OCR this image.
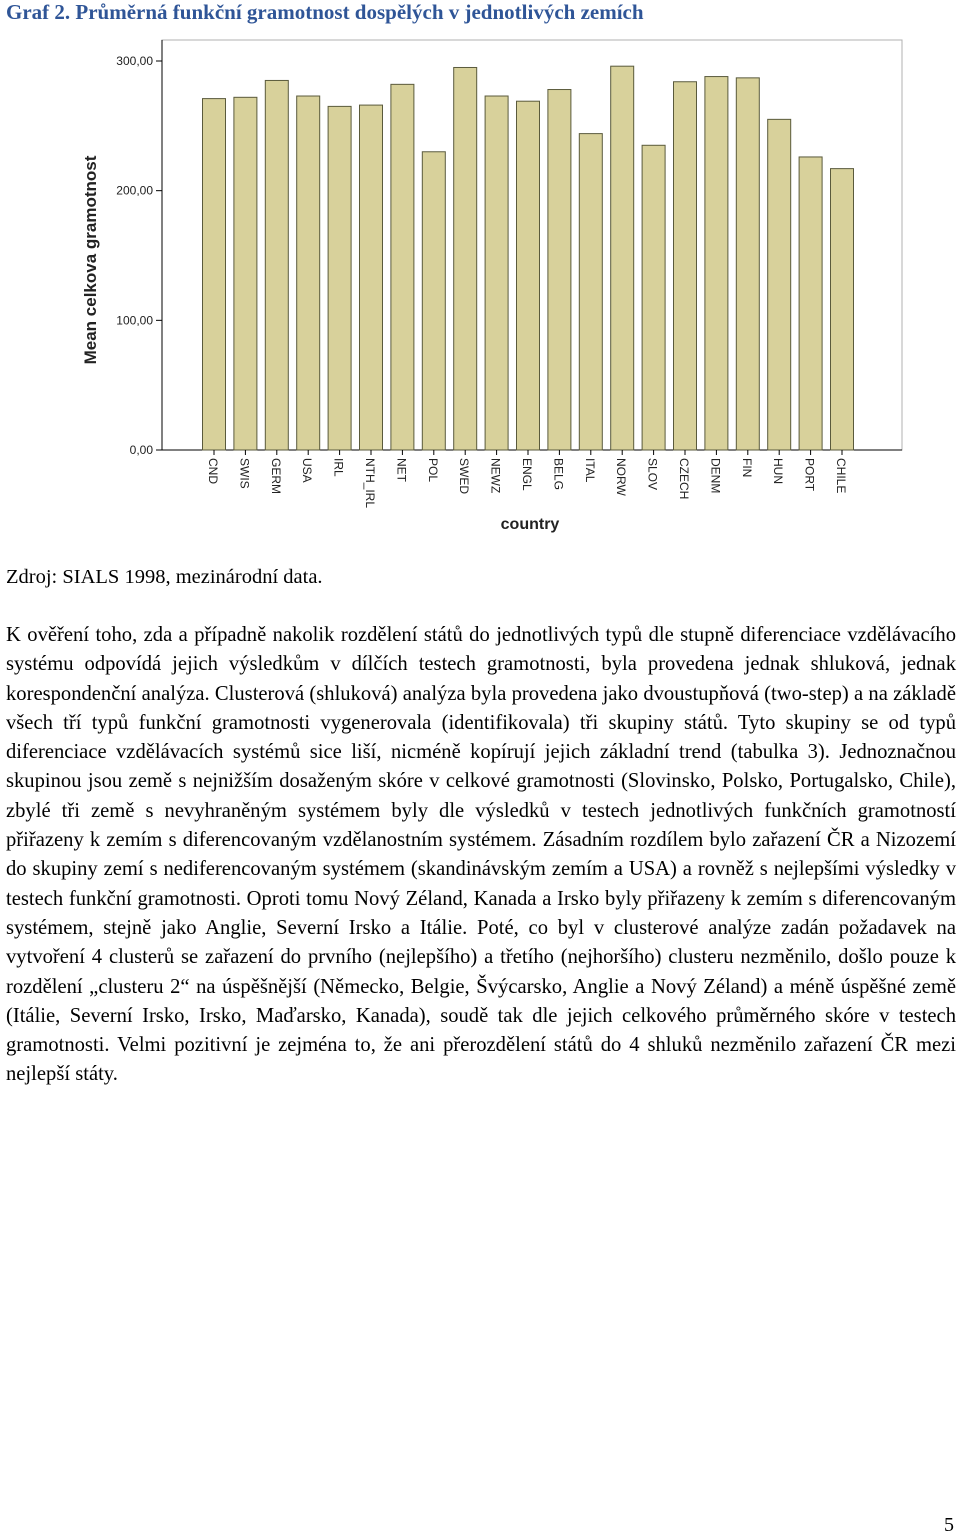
Graf 2. Průměrná funkční gramotnost dospělých v jednotlivých zemích
0,00
100,00
200,00
300,00
CND SWIS GERM USA IRL NTH_IRL NET POL SWED NEWZ ENGL BELG ITAL NORW SLOV CZECH DENM FIN HUN PORT CHILE
Mean celkova gramotnost
country
Zdroj: SIALS 1998, mezinárodní data.

K ověření toho, zda a případně nakolik rozdělení států do jednotlivých typů dle stupně diferenciace vzdělávacího systému odpovídá jejich výsledkům v dílčích testech gramotnosti, byla provedena jednak shluková, jednak korespondenční analýza. Clusterová (shluková) analýza byla provedena jako dvoustupňová (two-step) a na základě všech tří typů funkční gramotnosti vygenerovala (identifikovala) tři skupiny států. Tyto skupiny se od typů diferenciace vzdělávacích systémů sice liší, nicméně kopírují jejich základní trend (tabulka 3). Jednoznačnou skupinou jsou země s nejnižším dosaženým skóre v celkové gramotnosti (Slovinsko, Polsko, Portugalsko, Chile), zbylé tři země s nevyhraněným systémem byly dle výsledků v testech jednotlivých funkčních gramotností přiřazeny k zemím s diferencovaným vzdělanostním systémem. Zásadním rozdílem bylo zařazení ČR a Nizozemí do skupiny zemí s nediferencovaným systémem (skandinávským zemím a USA) a rovněž s nejlepšími výsledky v testech funkční gramotnosti. Oproti tomu Nový Zéland, Kanada a Irsko byly přiřazeny k zemím s diferencovaným systémem, stejně jako Anglie, Severní Irsko a Itálie. Poté, co byl v clusterové analýze zadán požadavek na vytvoření 4 clusterů se zařazení do prvního (nejlepšího) a třetího (nejhoršího) clusteru nezměnilo, došlo pouze k rozdělení „clusteru 2“ na úspěšnější (Německo, Belgie, Švýcarsko, Anglie a Nový Zéland) a méně úspěšné země (Itálie, Severní Irsko, Irsko, Maďarsko, Kanada), soudě tak dle jejich celkového průměrného skóre v testech gramotnosti. Velmi pozitivní je zejména to, že ani přerozdělení států do 4 shluků nezměnilo zařazení ČR mezi nejlepší státy.

5
